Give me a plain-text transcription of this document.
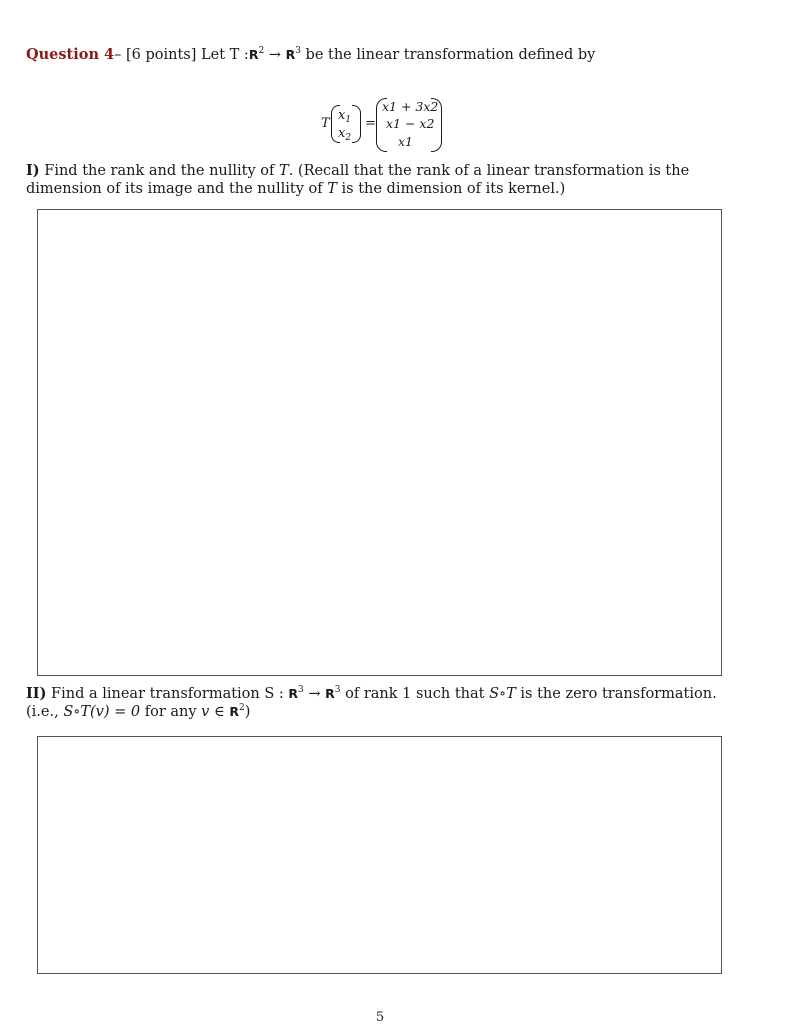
Question 4– [6 points] Let T $:R^2 \to R^3$ be the linear transformation defined by
T
$x_1$
$x_2$
=
x1 + 3x2
x1 − x2
x1
I) Find the rank and the nullity of T. (Recall that the rank of a linear transformation is the dimension of its image and the nullity of T is the dimension of its kernel.)
II) Find a linear transformation S : $R^3 \to R^3$ of rank 1 such that S∘T is the zero transformation. (i.e., S∘T(v) = 0 for any v ∈ $R^2$)
5
